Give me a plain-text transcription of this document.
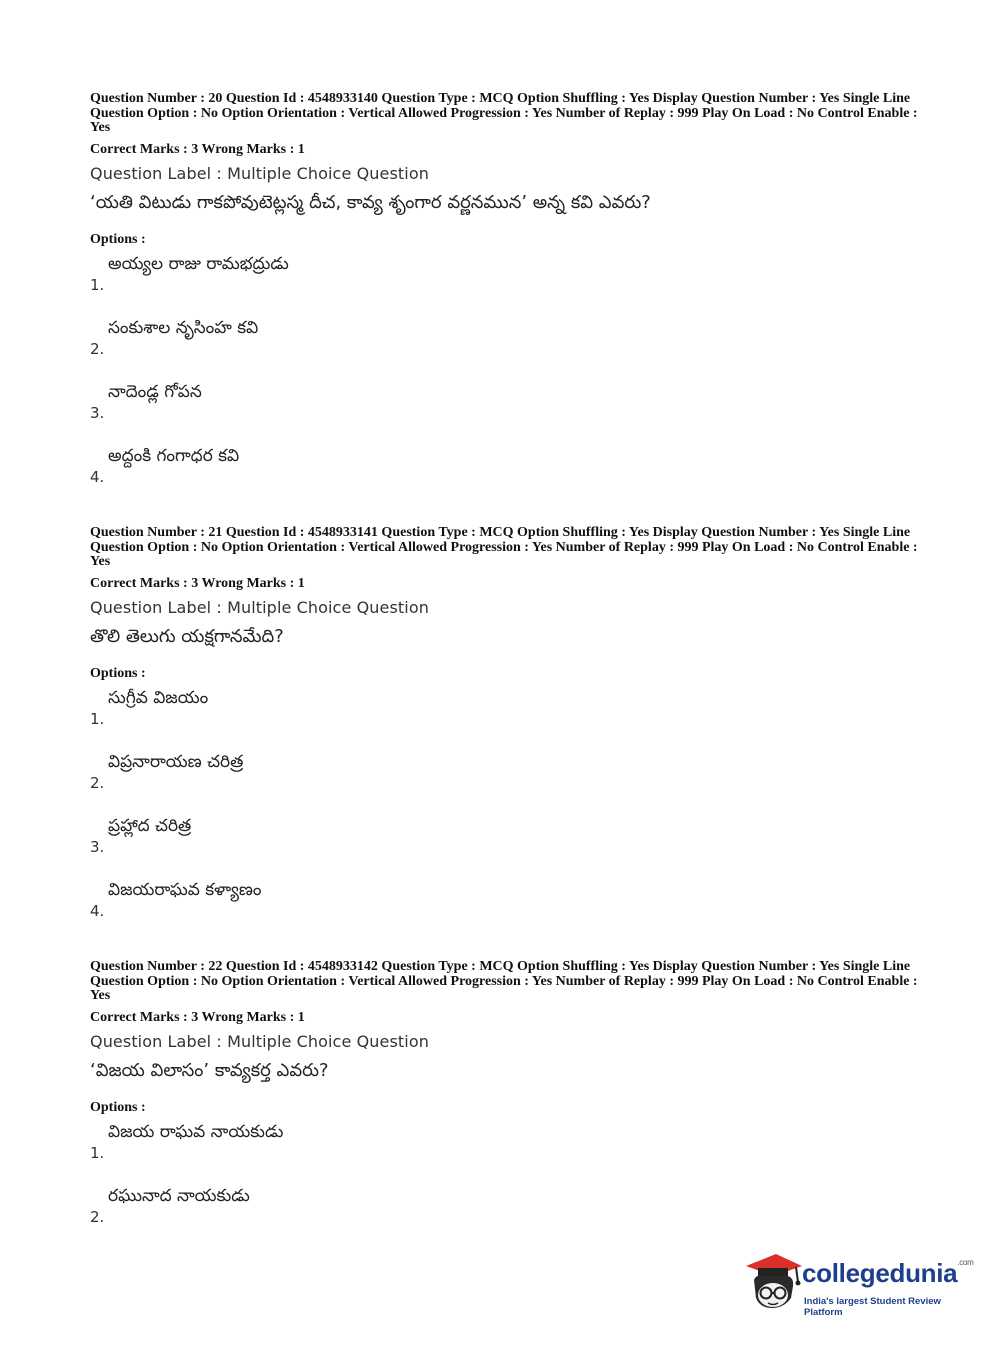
Question Number : 20 Question Id : 4548933140 Question Type : MCQ Option Shuffling : Yes Display Question Number : Yes Single Line Question Option : No Option Orientation : Vertical Allowed Progression : Yes Number of Replay : 999 Play On Load : No Control Enable : Yes
Correct Marks : 3 Wrong Marks : 1
Question Label : Multiple Choice Question
‘యతి విటుడు గాకపోవుటెట్లస్మ దీచ, కావ్య శృంగార వర్ణనమున’ అన్న కవి ఎవరు?
Options :
అయ్యల రాజు రామభద్రుడు
1.
సంకుశాల నృసింహ కవి
2.
నాదెండ్ల గోపన
3.
అద్దంకి గంగాధర కవి
4.
Question Number : 21 Question Id : 4548933141 Question Type : MCQ Option Shuffling : Yes Display Question Number : Yes Single Line Question Option : No Option Orientation : Vertical Allowed Progression : Yes Number of Replay : 999 Play On Load : No Control Enable : Yes
Correct Marks : 3 Wrong Marks : 1
Question Label : Multiple Choice Question
తొలి తెలుగు యక్షగానమేది?
Options :
సుగ్రీవ విజయం
1.
విప్రనారాయణ చరిత్ర
2.
ప్రహ్లాద చరిత్ర
3.
విజయరాఘవ కళ్యాణం
4.
Question Number : 22 Question Id : 4548933142 Question Type : MCQ Option Shuffling : Yes Display Question Number : Yes Single Line Question Option : No Option Orientation : Vertical Allowed Progression : Yes Number of Replay : 999 Play On Load : No Control Enable : Yes
Correct Marks : 3 Wrong Marks : 1
Question Label : Multiple Choice Question
‘విజయ విలాసం’ కావ్యకర్త ఎవరు?
Options :
విజయ రాఘవ నాయకుడు
1.
రఘునాద నాయకుడు
2.
collegedunia$^{.com}$
India's largest Student Review Platform
